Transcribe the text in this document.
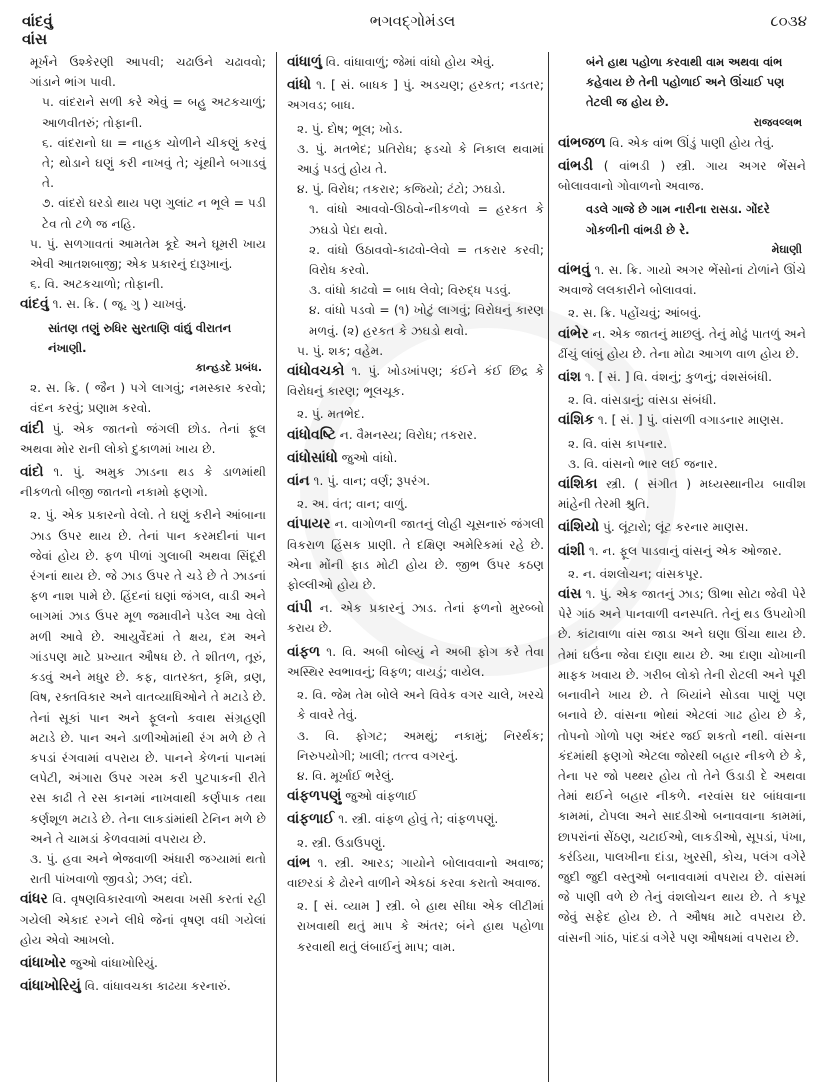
વાંદવું
વાંસ
ભગવદ્ગોમંડલ	૮૦૩૪
મૂર્ખને ઉશ્કેરણી આપવી; ચઢાઉને ચઢાવવો; ગાંડાને ભાંગ પાવી.
૫. વાંદરાને સળી કરે એવું = બહુ અટકચાળું; આળવીતરું; તોફાની.
૬. વાંદરાનો ઘા = નાહક ચોળીને ચીકણું કરવું તે; થોડાને ઘણું કરી નાખવું તે; ચૂંથીને બગાડવું તે.
૭. વાંદરો ઘરડો થાય પણ ગુલાંટ ન ભૂલે = પડી ટેવ તો ટળે જ નહિ.
૫. પું. સળગાવતાં આમતેમ કૂદે અને ઘૂમરી ખાય એવી આતશબાજી; એક પ્રકારનું દારૂખાનું.
૬. વિ. અટકચાળો; તોફાની.
વાંદવું ૧. સ. ક્રિ. ( જૂ. ગુ ) ચાખવું.
સાંતણ તણું રુધિર સુરતાણિ વાંદ્યું વીરાતન નંખાણી.
કાન્હડદે પ્રબંધ.
૨. સ. ક્રિ. ( જૈન ) પગે લાગવું; નમસ્કાર કરવો; વંદન કરવું; પ્રણામ કરવો.
વાંદી પું. એક જાતનો જંગલી છોડ. તેનાં ફૂલ અથવા મોર રાની લોકો દુકાળમાં ખાય છે.
વાંદો ૧. પું. અમુક ઝાડના થડ કે ડાળમાંથી નીકળતો બીજી જાતનો નકામો ફણગો.
૨. પું. એક પ્રકારનો વેલો. તે ઘણું કરીને આંબાના ઝાડ ઉપર થાય છે. તેનાં પાન કરમદીનાં પાન જેવાં હોય છે. ફળ પીળાં ગુલાબી અથવા સિંદૂરી રંગનાં થાય છે. જે ઝાડ ઉપર તે ચડે છે તે ઝાડનાં ફળ નાશ પામે છે. હિંદનાં ઘણાં જંગલ, વાડી અને બાગમાં ઝાડ ઉપર મૂળ જમાવીને પડેલ આ વેલો મળી આવે છે. આયુર્વેદમાં તે ક્ષય, દમ અને ગાંડપણ માટે પ્રખ્યાત ઔષધ છે. તે શીતળ, તૂરું, કડવું અને મધુર છે. કફ, વાતરક્ત, કૃમિ, વ્રણ, વિષ, રક્તવિકાર અને વાતવ્યાધિઓને તે મટાડે છે. તેનાં સૂકાં પાન અને ફૂલનો કવાથ સંગ્રહણી મટાડે છે. પાન અને ડાળીઓમાંથી રંગ મળે છે તે કપડાં રંગવામાં વપરાય છે. પાનને કેળનાં પાનમાં લપેટી, અંગારા ઉપર ગરમ કરી પુટપાકની રીતે રસ કાઢી તે રસ કાનમાં નાખવાથી કર્ણપાક તથા કર્ણશૂળ મટાડે છે. તેના લાકડાંમાંથી ટેનિન મળે છે અને તે ચામડાં કેળવવામાં વપરાય છે.
૩. પું. હવા અને ભેજવાળી અંધારી જગ્યામાં થતો રાતી પાંખવાળો જીવડો; ઝલ; વંદો.
વાંધર વિ. વૃષણવિકારવાળો અથવા ખસી કરતાં રહી ગયેલી એકાદ રગને લીધે જેનાં વૃષણ વધી ગયેલાં હોય એવો આખલો.
વાંધાખોર જુઓ વાંધાખોરિયું.
વાંધાખોરિયું વિ. વાંધાવચકા કાઢયા કરનારું.
વાંધાળું વિ. વાંધાવાળું; જેમાં વાંધો હોય એવું.
વાંધો ૧. [ સં. બાધક ] પું. અડચણ; હરકત; નડતર; અગવડ; બાધ.
૨. પું. દોષ; ભૂલ; ખોડ.
૩. પું. મતભેદ; પ્રતિરોધ; ફડચો કે નિકાલ થવામાં આડું પડતું હોય તે.
૪. પું. વિરોધ; તકરાર; કજિયો; ટંટો; ઝઘડો.
૧. વાંધો આવવો-ઊઠવો-નીકળવો = હરકત કે ઝઘડો પેદા થવો.
૨. વાંધો ઉઠાવવો-કાઢવો-લેવો = તકરાર કરવી; વિરોધ કરવો.
૩. વાંધો કાઢવો = બાધ લેવો; વિરુદ્ધ પડવું.
૪. વાંધો પડવો = (૧) ખોટું લાગવું; વિરોધનું કારણ મળવું. (૨) હરકત કે ઝઘડો થવો.
૫. પું. શક; વહેમ.
વાંધોવચકો ૧. પું. ખોડખાંપણ; કંઈને કંઈ છિદ્ર કે વિરોધનું કારણ; ભૂલચૂક.
૨. પું. મતભેદ.
વાંધોવષ્ટિ ન. વૈમનસ્ય; વિરોધ; તકરાર.
વાંધોસાંધો જુઓ વાંધો.
વાંન ૧. પું. વાન; વર્ણ; રૂપરંગ.
૨. અ. વંત; વાન; વાળું.
વાંપાયર ન. વાગોળની જાતનું લોહી ચૂસનારું જંગલી વિકરાળ હિંસક પ્રાણી. તે દક્ષિણ અમેરિકમાં રહે છે. એના મોંની ફાડ મોટી હોય છે. જીભ ઉપર કઠણ ફોલ્લીઓ હોય છે.
વાંપી ન. એક પ્રકારનું ઝાડ. તેનાં ફળનો મુરબ્બો કરાય છે.
વાંફળ ૧. વિ. અબી બોલ્યું ને અબી ફોગ કરે તેવા અસ્થિર સ્વભાવનું; વિફળ; વાયડું; વાયેલ.
૨. વિ. જેમ તેમ બોલે અને વિવેક વગર ચાલે, ખરચે કે વાવરે તેવું.
૩. વિ. ફોગટ; અમથું; નકામું; નિરર્થક; નિરુપયોગી; ખાલી; તત્ત્વ વગરનું.
૪. વિ. મૂર્ખાઈ ભરેલું.
વાંફળપણું જુઓ વાંફળાઈ
વાંફળાઈ ૧. સ્ત્રી. વાંફળ હોવું તે; વાંફળપણું.
૨. સ્ત્રી. ઉડાઉપણું.
વાંભ ૧. સ્ત્રી. આરડ; ગાયોને બોલાવવાનો અવાજ; વાછરડાં કે ઢોરને વાળીને એકઠાં કરવા કરાતો અવાજ.
૨. [ સં. વ્યામ ] સ્ત્રી. બે હાથ સીધા એક લીટીમાં રાખવાથી થતું માપ કે અંતર; બંને હાથ પહોળા કરવાથી થતું લંબાઈનું માપ; વામ.
બંને હાથ પહોળા કરવાથી વામ અથવા વાંભ કહેવાય છે તેની પહોળાઈ અને ઊંચાઈ પણ તેટલી જ હોય છે.
રાજવલ્લભ
વાંભજળ વિ. એક વાંભ ઊંડું પાણી હોય તેવું.
વાંભડી ( વાંભડી ) સ્ત્રી. ગાય અગર ભેંસને બોલાવવાનો ગોવાળનો અવાજ.
વડલે ગાજે છે ગામ નારીના રાસડા. ગોંદરે ગોકળીની વાંભડી છે રે.
મેઘાણી
વાંભવું ૧. સ. ક્રિ. ગાયો અગર ભેંસોનાં ટોળાંને ઊંચે અવાજે લલકારીને બોલાવવાં.
૨. સ. ક્રિ. પહોંચવું; આંબવું.
વાંભેર ન. એક જાતનું માછલું. તેનું મોઢું પાતળું અને ઢીંચું લાંબું હોય છે. તેના મોઢા આગળ વાળ હોય છે.
વાંશ ૧. [ સં. ] વિ. વંશનું; કુળનું; વંશસંબંધી.
૨. વિ. વાંસડાનું; વાંસડા સંબંધી.
વાંશિક ૧. [ સં. ] પું. વાંસળી વગાડનાર માણસ.
૨. વિ. વાંસ કાપનાર.
૩. વિ. વાંસનો ભાર લઈ જનાર.
વાંશિકા સ્ત્રી. ( સંગીત ) મધ્યસ્થાનીય બાવીશ માંહેની તેરમી શ્રુતિ.
વાંશિયો પું. લૂંટારો; લૂંટ કરનાર માણસ.
વાંશી ૧. ન. ફૂલ પાડવાનું વાંસનું એક ઓજાર.
૨. ન. વંશલોચન; વાંસકપૂર.
વાંસ ૧. પું. એક જાતનું ઝાડ; ઊભા સોટા જેવી પેરે પેરે ગાંઠ અને પાનવાળી વનસ્પતિ. તેનું થડ ઉપયોગી છે. કાંટાવાળા વાંસ જાડા અને ઘણા ઊંચા થાય છે. તેમાં ઘઉંના જેવા દાણા થાય છે. આ દાણા ચોખાની માફક ખવાય છે. ગરીબ લોકો તેની રોટલી અને પૂરી બનાવીને ખાય છે. તે બિયાંને સોડવા પાણું પણ બનાવે છે. વાંસના ભોથાં એટલાં ગાઢ હોય છે કે, તોપનો ગોળો પણ અંદર જઈ શકતો નથી. વાંસના કંદમાંથી ફણગો એટલા જોરથી બહાર નીકળે છે કે, તેના પર જો પથ્થર હોય તો તેને ઉડાડી દે અથવા તેમાં થઈને બહાર નીકળે. નરવાંસ ઘર બાંધવાના કામમાં, ટોપલા અને સાદડીઓ બનાવવાના કામમાં, છાપરાંનાં સેંઠણ, ચટાઈઓ, લાકડીઓ, સૂપડાં, પંખા, કરંડિયા, પાલખીના દાંડા, ખુરસી, કોચ, પલંગ વગેરે જુદી જુદી વસ્તુઓ બનાવવામાં વપરાય છે. વાંસમાં જે પાણી વળે છે તેનું વંશલોચન થાય છે. તે કપૂર જેવું સફેદ હોય છે. તે ઔષધ માટે વપરાય છે. વાંસની ગાંઠ, પાંદડાં વગેરે પણ ઔષધમાં વપરાય છે.
